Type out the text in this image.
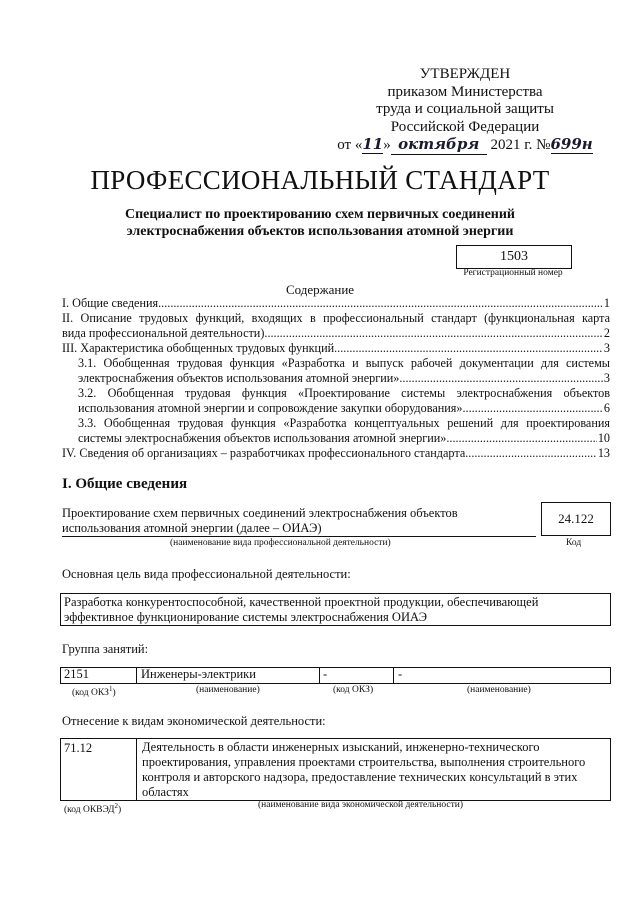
УТВЕРЖДЕН
приказом Министерства
труда и социальной защиты
Российской Федерации
от «11» октября 2021 г. №699н
ПРОФЕССИОНАЛЬНЫЙ СТАНДАРТ
Специалист по проектированию схем первичных соединений
электроснабжения объектов использования атомной энергии
1503
Регистрационный номер
Содержание
I. Общие сведения .....	1
II. Описание трудовых функций, входящих в профессиональный стандарт (функциональная карта
вида профессиональной деятельности) .....	2
III. Характеристика обобщенных трудовых функций .....	3
3.1. Обобщенная трудовая функция «Разработка и выпуск рабочей документации для системы
электроснабжения объектов использования атомной энергии» .....	3
3.2. Обобщенная трудовая функция «Проектирование системы электроснабжения объектов
использования атомной энергии и сопровождение закупки оборудования» .....	6
3.3. Обобщенная трудовая функция «Разработка концептуальных решений для проектирования
системы электроснабжения объектов использования атомной энергии» .....	10
IV. Сведения об организациях – разработчиках профессионального стандарта .....	13
I. Общие сведения
Проектирование схем первичных соединений электроснабжения объектов
использования атомной энергии (далее – ОИАЭ)
(наименование вида профессиональной деятельности)
24.122
Код
Основная цель вида профессиональной деятельности:
Разработка конкурентоспособной, качественной проектной продукции, обеспечивающей
эффективное функционирование системы электроснабжения ОИАЭ
Группа занятий:
2151	Инженеры-электрики	-	-
(код ОКЗ$^1$)	(наименование)	(код ОКЗ)	(наименование)
Отнесение к видам экономической деятельности:
71.12	Деятельность в области инженерных изысканий, инженерно-технического
проектирования, управления проектами строительства, выполнения строительного
контроля и авторского надзора, предоставление технических консультаций в этих
областях
(код ОКВЭД$^2$)
(наименование вида экономической деятельности)
